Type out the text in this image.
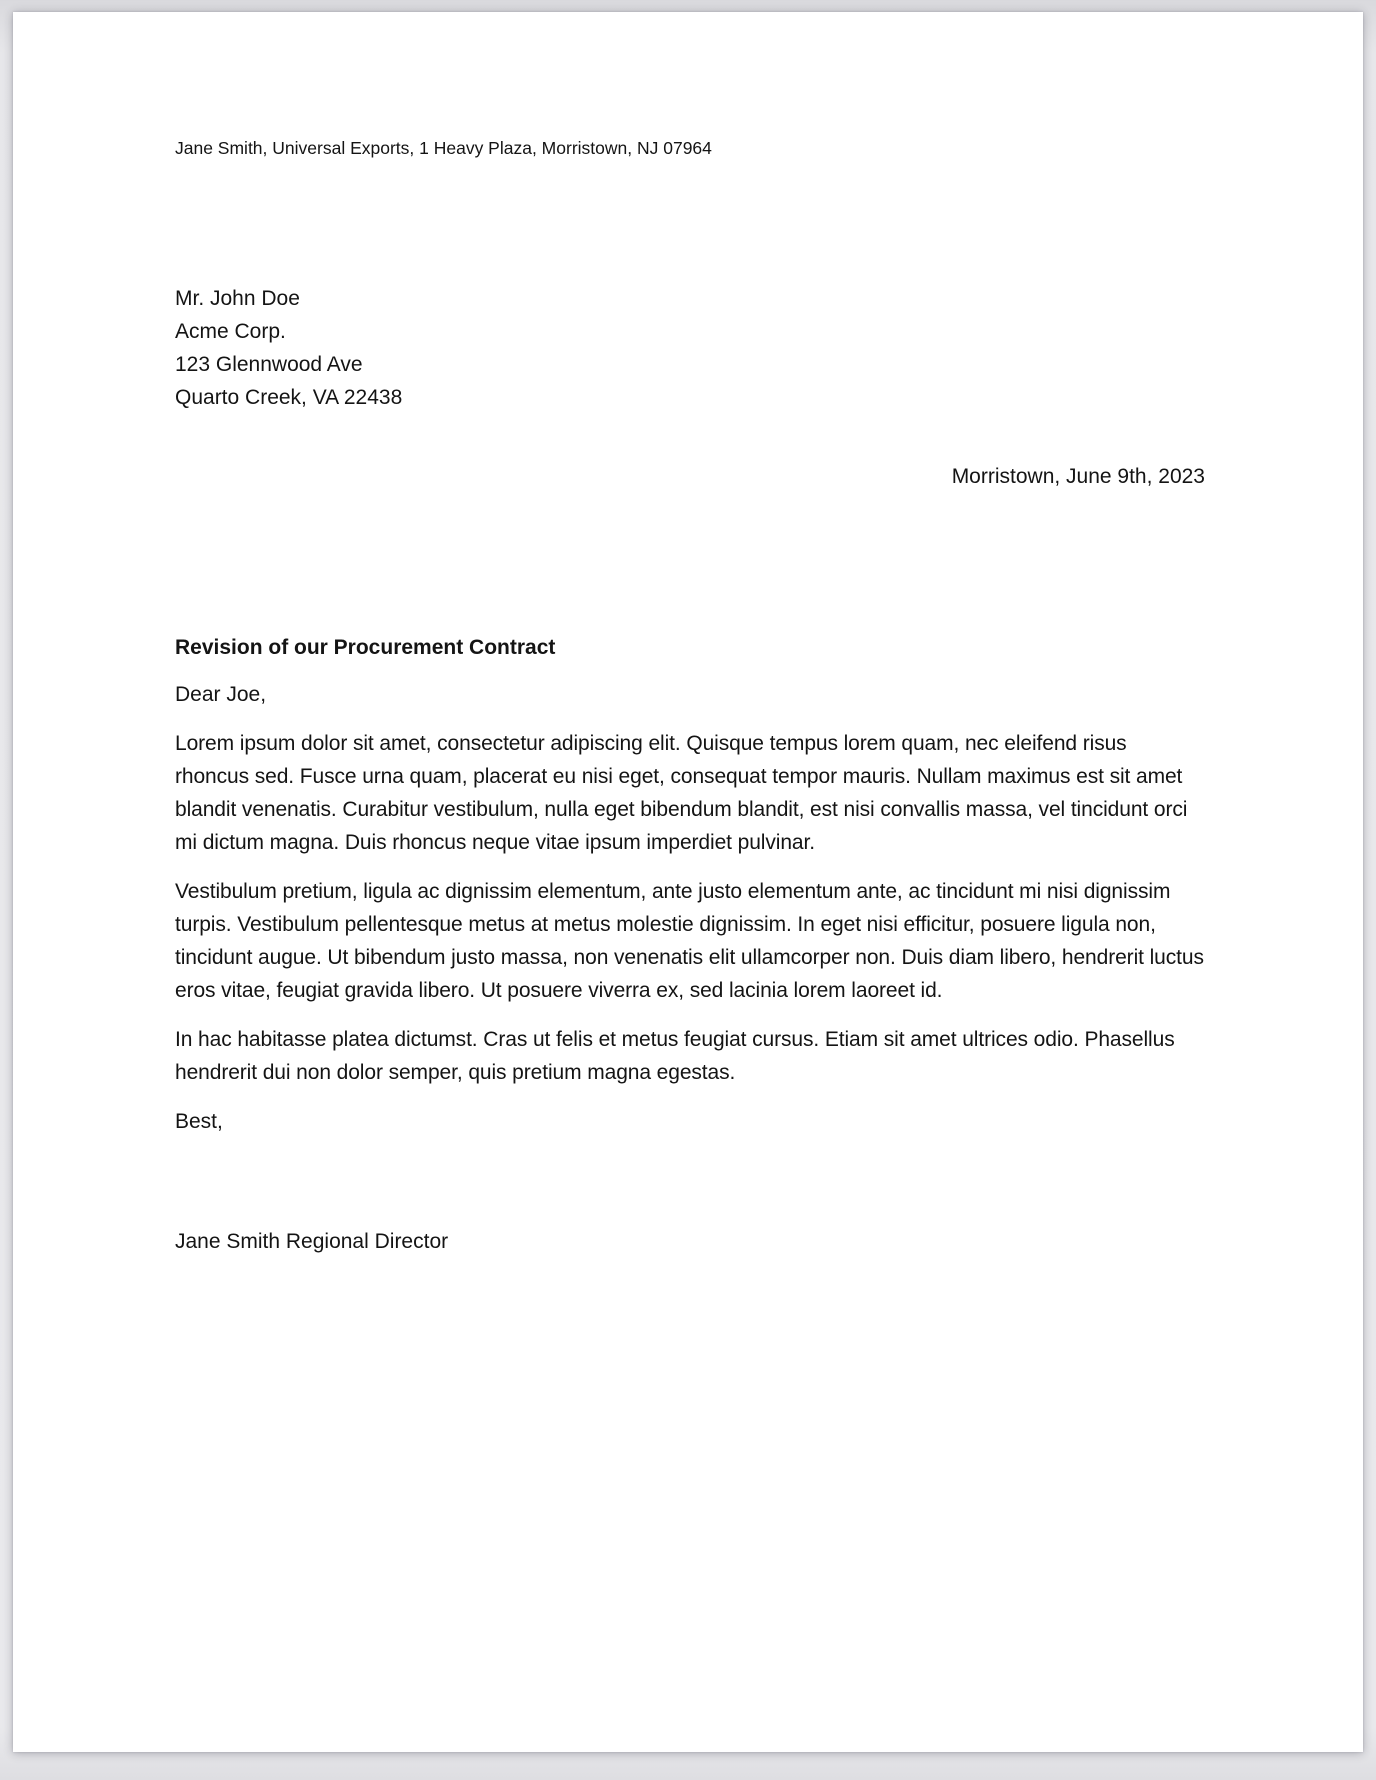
Jane Smith, Universal Exports, 1 Heavy Plaza, Morristown, NJ 07964
Mr. John Doe
Acme Corp.
123 Glennwood Ave
Quarto Creek, VA 22438
Morristown, June 9th, 2023
Revision of our Procurement Contract
Dear Joe,

Lorem ipsum dolor sit amet, consectetur adipiscing elit. Quisque tempus lorem quam, nec eleifend risus rhoncus sed. Fusce urna quam, placerat eu nisi eget, consequat tempor mauris. Nullam maximus est sit amet blandit venenatis. Curabitur vestibulum, nulla eget bibendum blandit, est nisi convallis massa, vel tincidunt orci mi dictum magna. Duis rhoncus neque vitae ipsum imperdiet pulvinar.

Vestibulum pretium, ligula ac dignissim elementum, ante justo elementum ante, ac tincidunt mi nisi dignissim turpis. Vestibulum pellentesque metus at metus molestie dignissim. In eget nisi efficitur, posuere ligula non, tincidunt augue. Ut bibendum justo massa, non venenatis elit ullamcorper non. Duis diam libero, hendrerit luctus eros vitae, feugiat gravida libero. Ut posuere viverra ex, sed lacinia lorem laoreet id.

In hac habitasse platea dictumst. Cras ut felis et metus feugiat cursus. Etiam sit amet ultrices odio. Phasellus hendrerit dui non dolor semper, quis pretium magna egestas.

Best,
Jane Smith Regional Director
